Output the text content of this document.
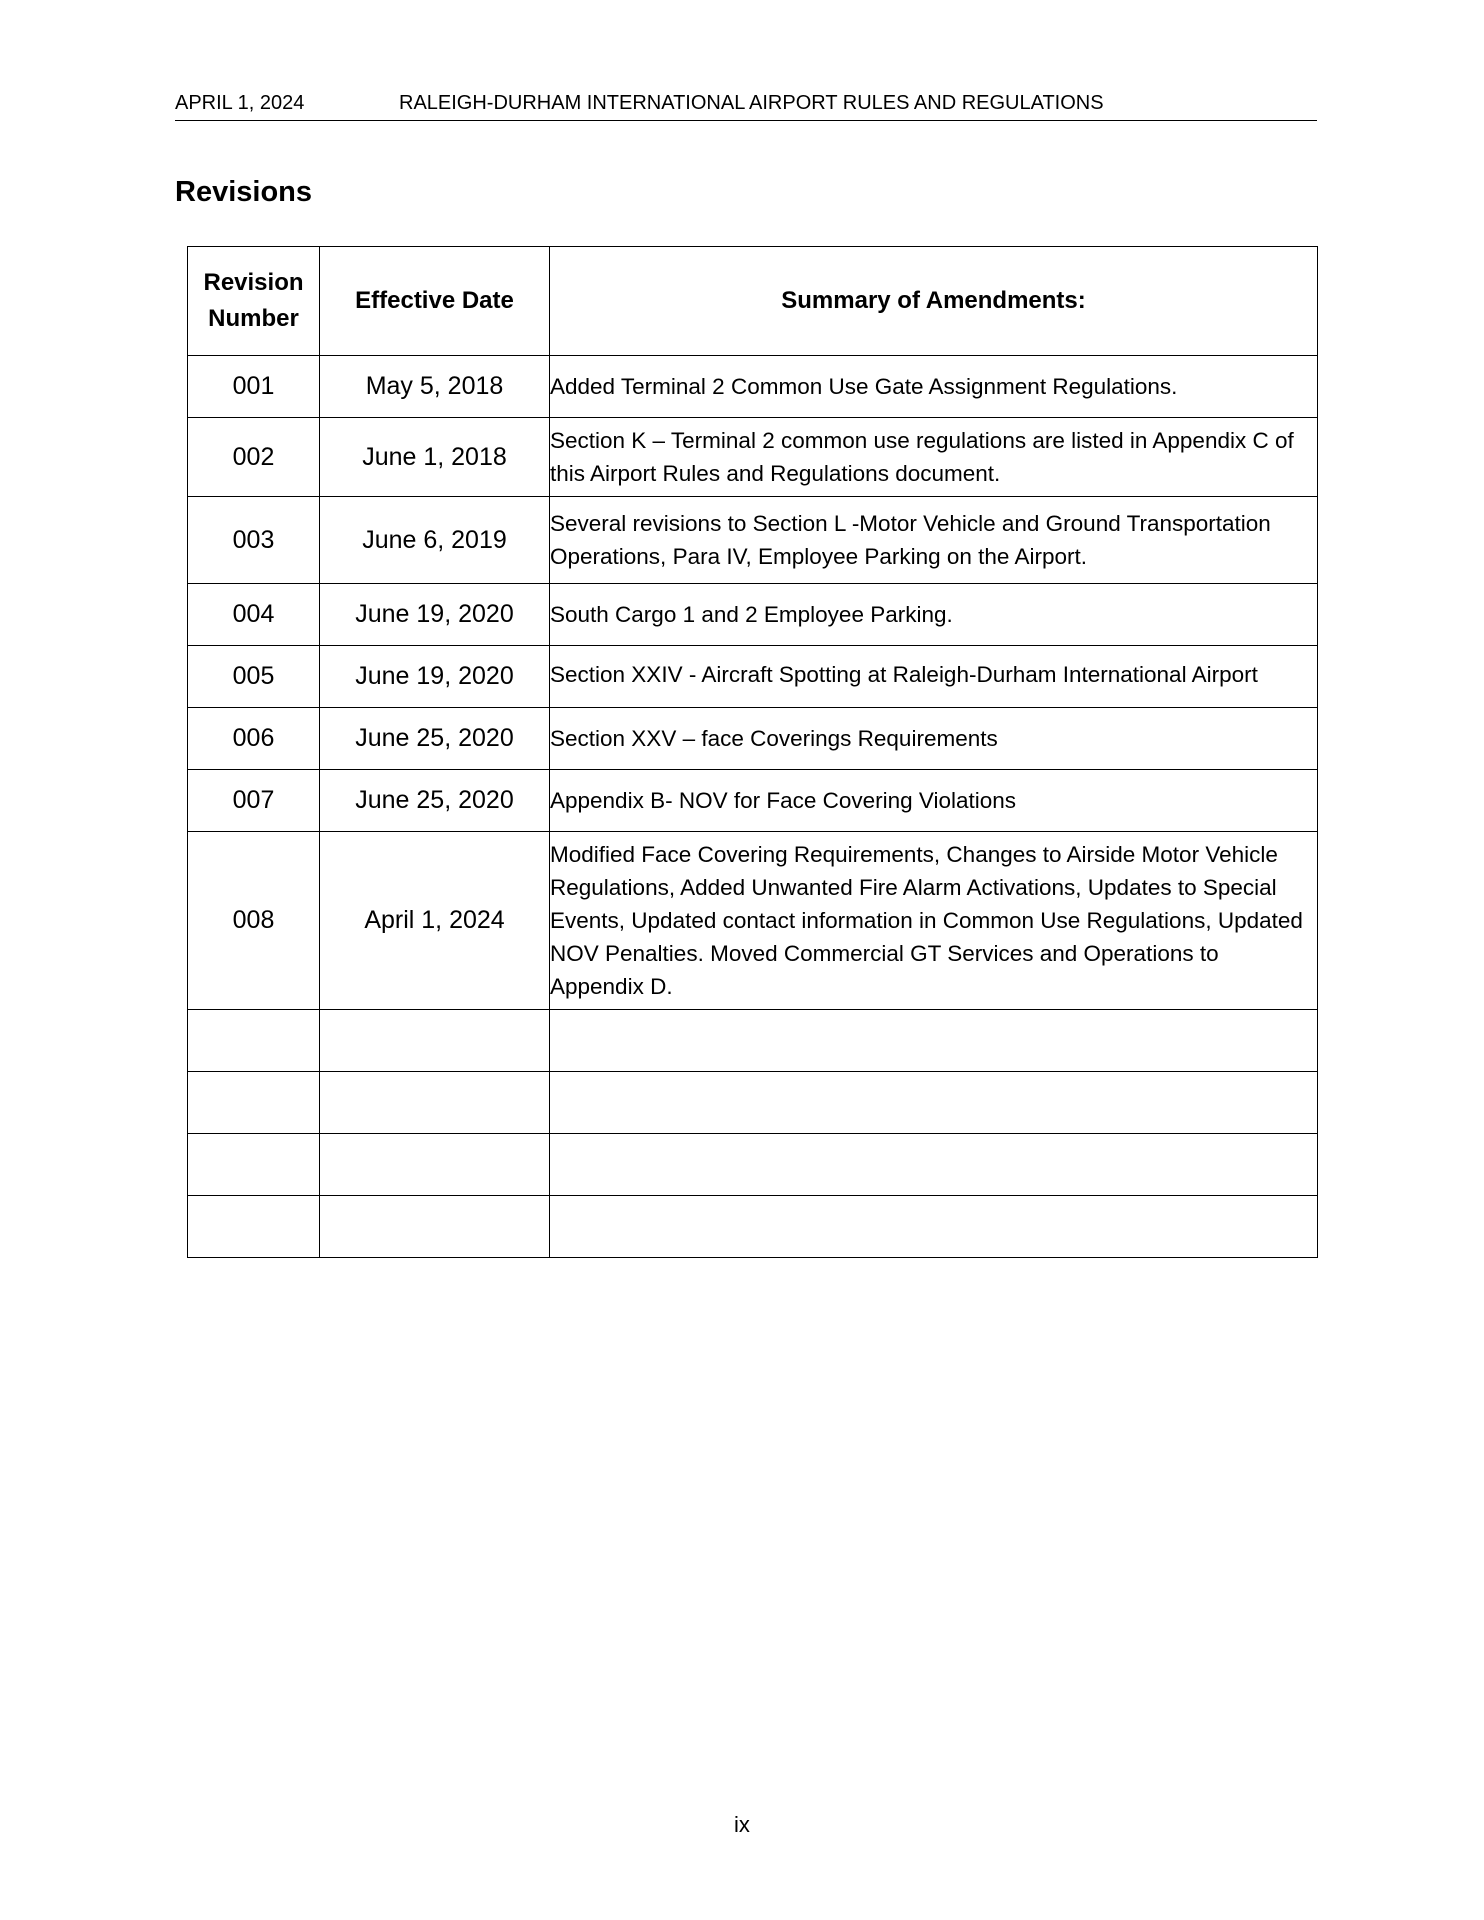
APRIL 1, 2024	RALEIGH-DURHAM INTERNATIONAL AIRPORT RULES AND REGULATIONS
Revisions
Revision Number	Effective Date	Summary of Amendments:
001	May 5, 2018	Added Terminal 2 Common Use Gate Assignment Regulations.
002	June 1, 2018	Section K – Terminal 2 common use regulations are listed in Appendix C of this Airport Rules and Regulations document.
003	June 6, 2019	Several revisions to Section L -Motor Vehicle and Ground Transportation Operations, Para IV, Employee Parking on the Airport.
004	June 19, 2020	South Cargo 1 and 2 Employee Parking.
005	June 19, 2020	Section XXIV - Aircraft Spotting at Raleigh-Durham International Airport

006	June 25, 2020	Section XXV – face Coverings Requirements
007	June 25, 2020	Appendix B- NOV for Face Covering Violations
008	April 1, 2024	Modified Face Covering Requirements, Changes to Airside Motor Vehicle Regulations, Added Unwanted Fire Alarm Activations, Updates to Special Events, Updated contact information in Common Use Regulations, Updated NOV Penalties. Moved Commercial GT Services and Operations to Appendix D.

ix
